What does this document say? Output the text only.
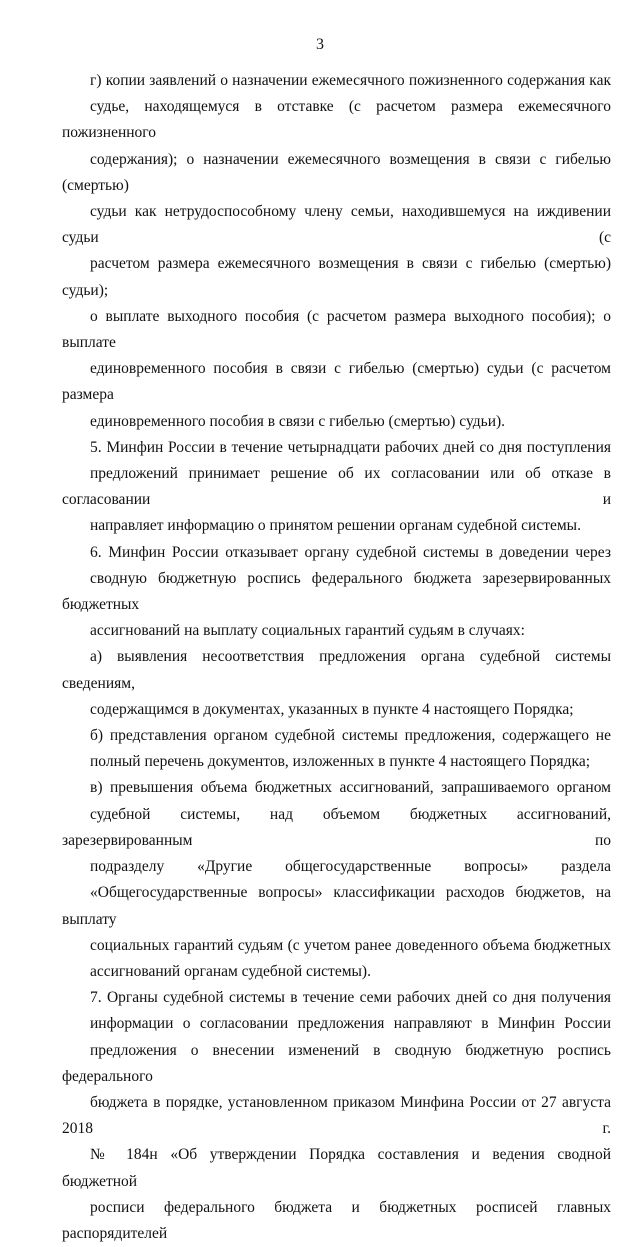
3

г) копии заявлений о назначении ежемесячного пожизненного содержания как
судье, находящемуся в отставке (с расчетом размера ежемесячного пожизненного
содержания); о назначении ежемесячного возмещения в связи с гибелью (смертью)
судьи как нетрудоспособному члену семьи, находившемуся на иждивении судьи (с
расчетом размера ежемесячного возмещения в связи с гибелью (смертью) судьи);
о выплате выходного пособия (с расчетом размера выходного пособия); о выплате
единовременного пособия в связи с гибелью (смертью) судьи (с расчетом размера
единовременного пособия в связи с гибелью (смертью) судьи).

5. Минфин России в течение четырнадцати рабочих дней со дня поступления
предложений принимает решение об их согласовании или об отказе в согласовании и
направляет информацию о принятом решении органам судебной системы.

6. Минфин России отказывает органу судебной системы в доведении через
сводную бюджетную роспись федерального бюджета зарезервированных бюджетных
ассигнований на выплату социальных гарантий судьям в случаях:

а) выявления несоответствия предложения органа судебной системы сведениям,
содержащимся в документах, указанных в пункте 4 настоящего Порядка;

б) представления органом судебной системы предложения, содержащего не
полный перечень документов, изложенных в пункте 4 настоящего Порядка;

в) превышения объема бюджетных ассигнований, запрашиваемого органом
судебной системы, над объемом бюджетных ассигнований, зарезервированным по
подразделу «Другие общегосударственные вопросы» раздела
«Общегосударственные вопросы» классификации расходов бюджетов, на выплату
социальных гарантий судьям (с учетом ранее доведенного объема бюджетных
ассигнований органам судебной системы).

7. Органы судебной системы в течение семи рабочих дней со дня получения
информации о согласовании предложения направляют в Минфин России
предложения о внесении изменений в сводную бюджетную роспись федерального
бюджета в порядке, установленном приказом Минфина России от 27 августа 2018 г.
№ 184н «Об утверждении Порядка составления и ведения сводной бюджетной
росписи федерального бюджета и бюджетных росписей главных распорядителей
